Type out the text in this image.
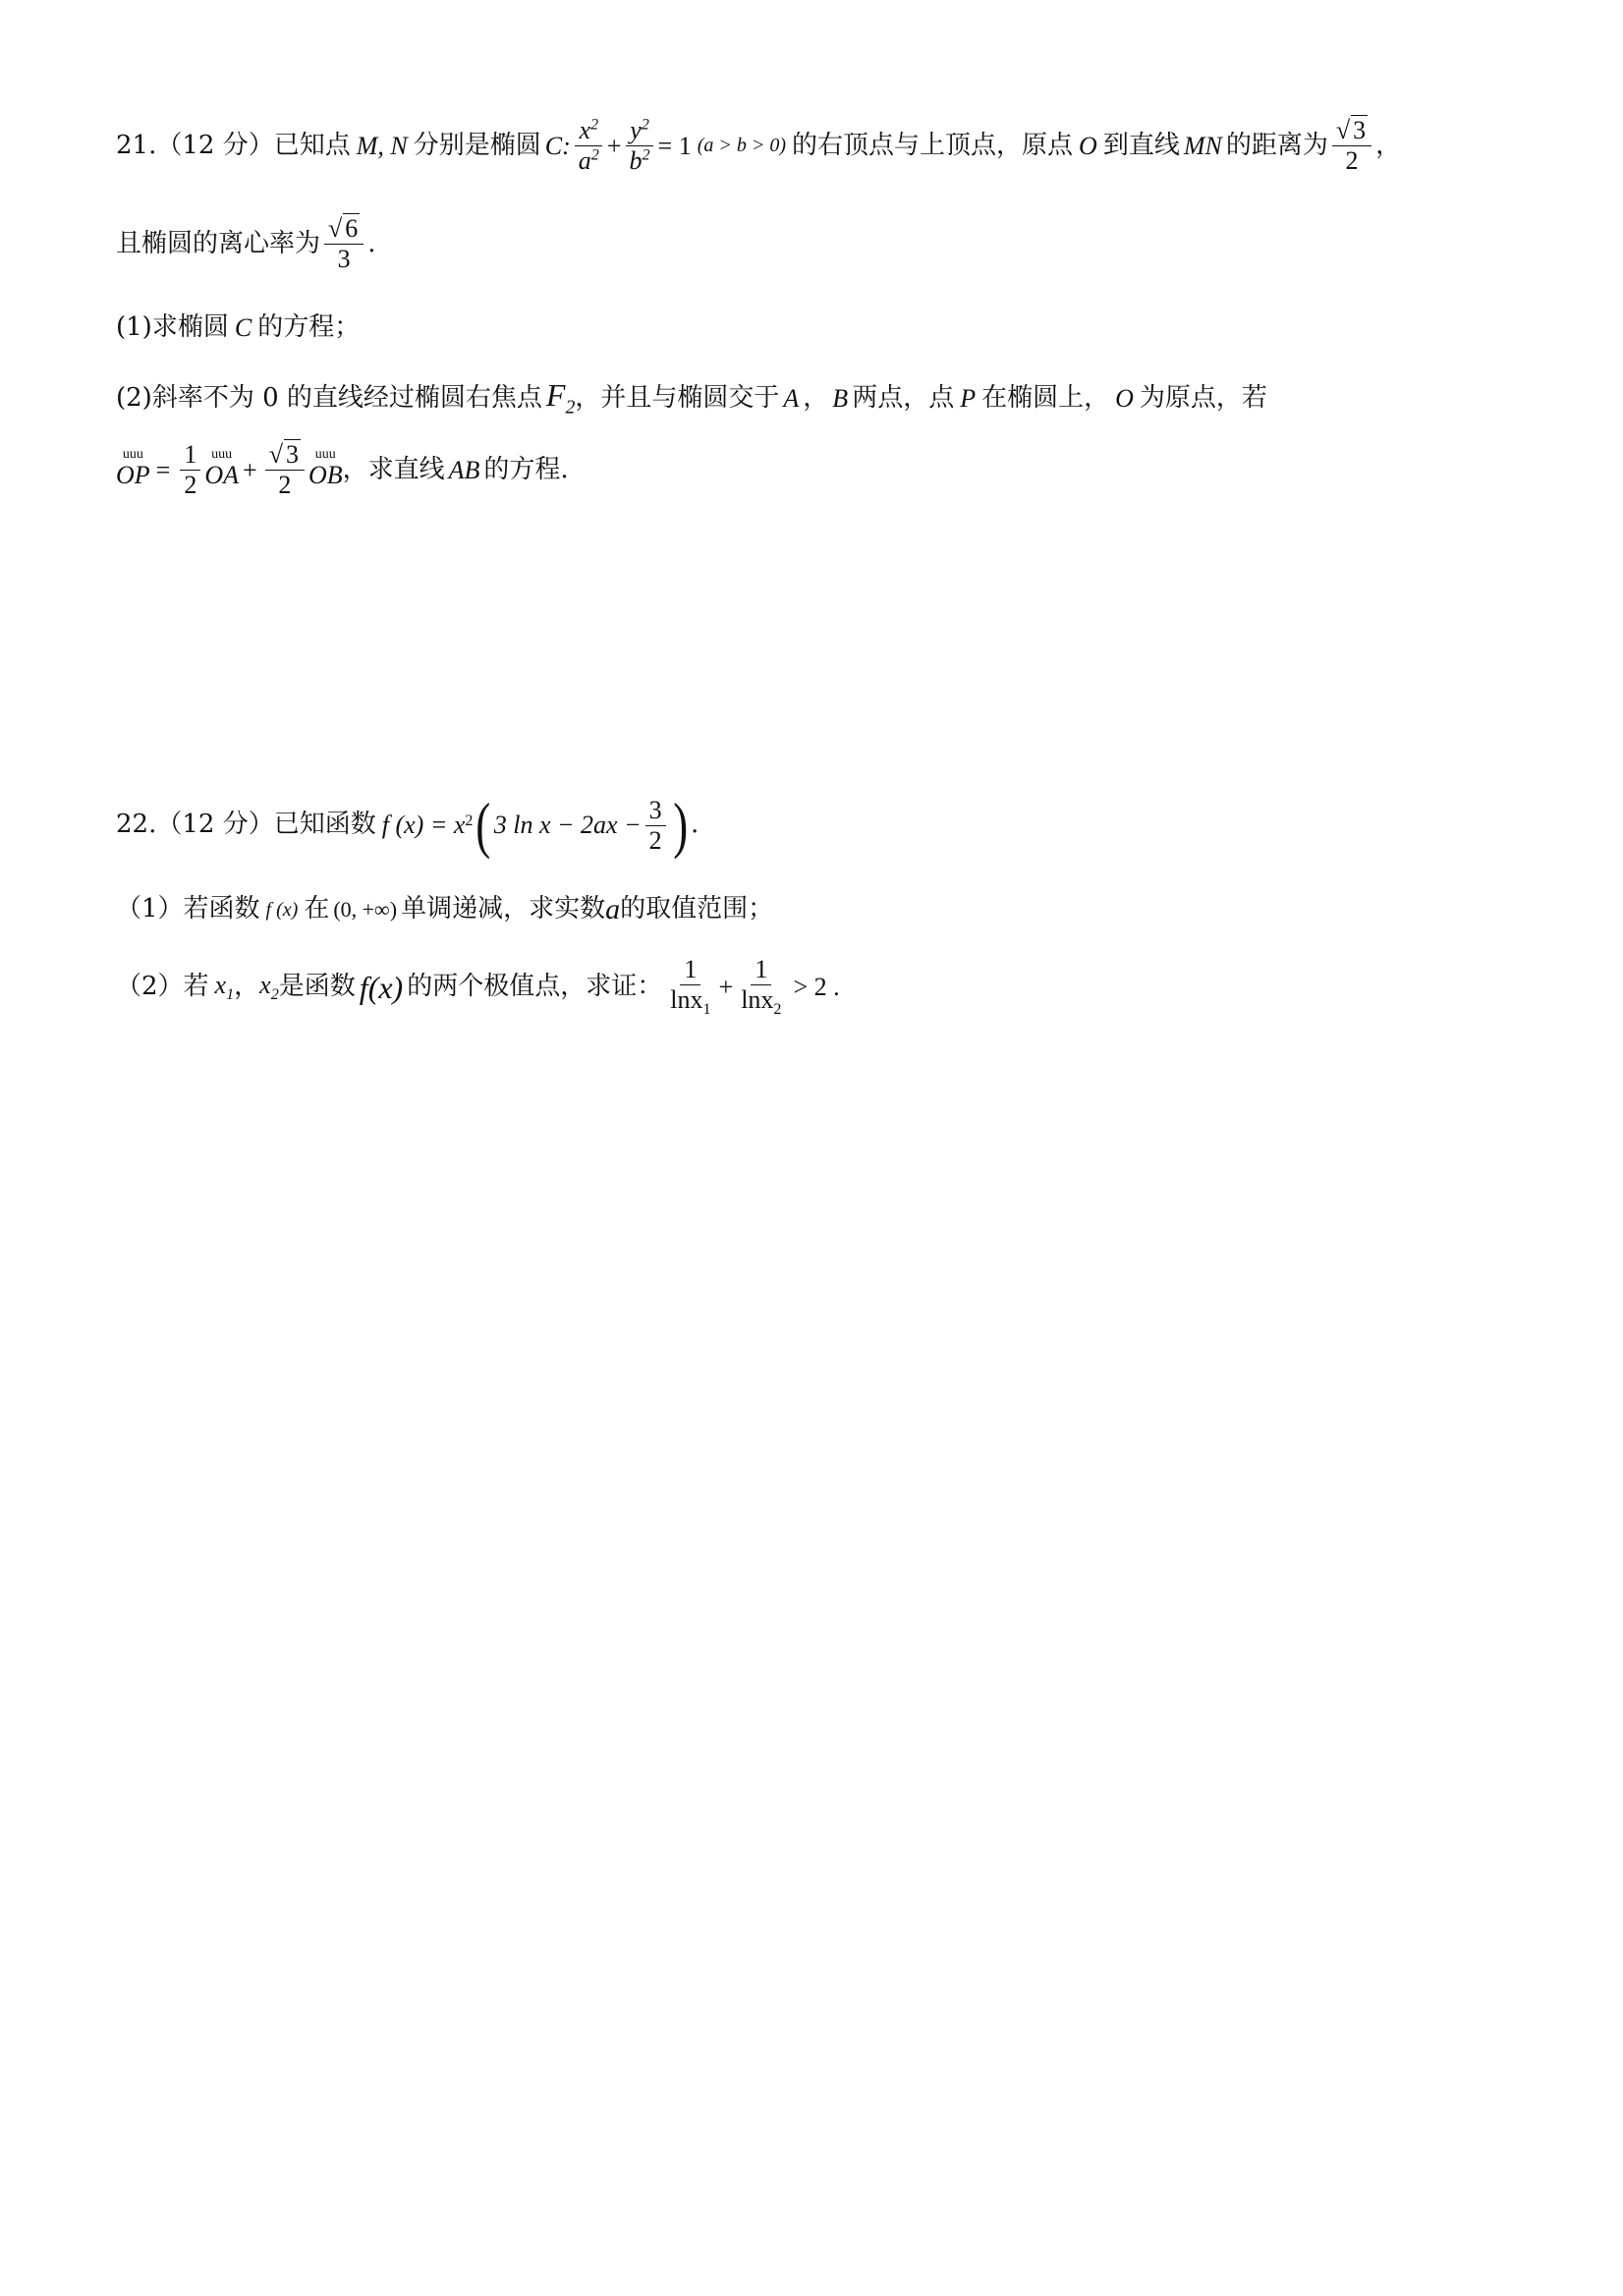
21. （12 分） 已知点 M, N 分别是椭圆 C: $\frac{x^2}{a^2} + \frac{y^2}{b^2} = 1$ (a > b > 0) 的右顶点与上顶点，原点 O 到直线 MN 的距离为 $\frac{√ 3}{2}$ ，
且椭圆的离心率为 $\frac{√ 6}{3}$ .
(1)求椭圆 C 的方程；
(2)斜率不为 0 的直线经过椭圆右焦点 $F_2$ ，并且与椭圆交于 A ， B 两点，点 P 在椭圆上， O 为原点，若
uuu
OP = $\frac{1}{2}$ uuu
OA + $\frac{√ 3}{2}$ uuu
OB ，求直线 AB 的方程.
22. （12 分） 已知函数 f (x) = x 2 ( 3 $\ln x - 2ax - \frac{3}{2}$ ) .
（1）若函数 f (x) 在 (0, +∞) 单调递减，求实数 a 的取值范围；
（2）若 $x_1$ ， $x_2$ 是函数 f(x) 的两个极值点，求证： $\frac{1}{\ln x_1} + \frac{1}{\ln x_2} > 2$ .
